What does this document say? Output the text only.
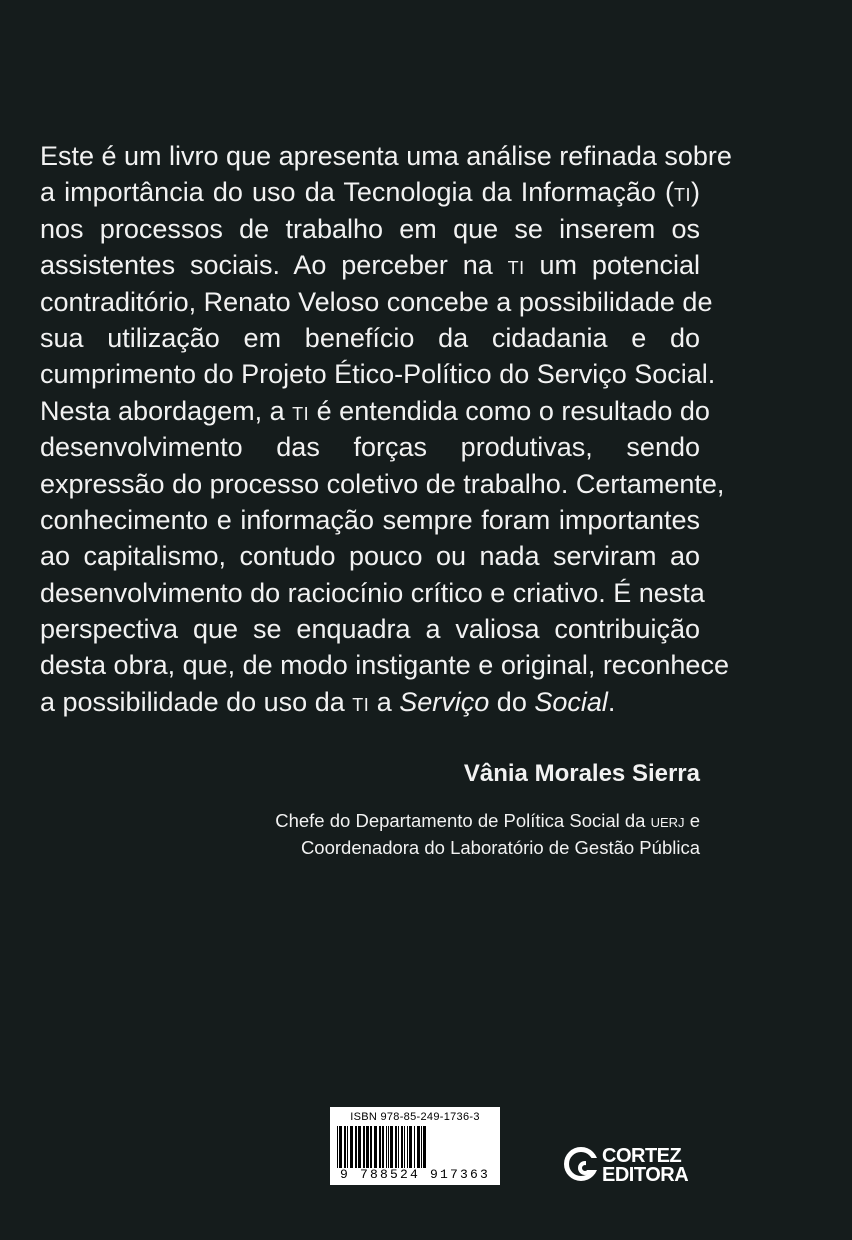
Este é um livro que apresenta uma análise refinada sobre
a importância do uso da Tecnologia da Informação (TI)
nos processos de trabalho em que se inserem os
assistentes sociais. Ao perceber na TI um potencial
contraditório, Renato Veloso concebe a possibilidade de
sua utilização em benefício da cidadania e do
cumprimento do Projeto Ético-Político do Serviço Social.
Nesta abordagem, a TI é entendida como o resultado do
desenvolvimento das forças produtivas, sendo
expressão do processo coletivo de trabalho. Certamente,
conhecimento e informação sempre foram importantes
ao capitalismo, contudo pouco ou nada serviram ao
desenvolvimento do raciocínio crítico e criativo. É nesta
perspectiva que se enquadra a valiosa contribuição
desta obra, que, de modo instigante e original, reconhece
a possibilidade do uso da TI a Serviço do Social.
Vânia Morales Sierra
Chefe do Departamento de Política Social da UERJ e
Coordenadora do Laboratório de Gestão Pública
ISBN 978-85-249-1736-3
9 788524 917363
CORTEZ
EDITORA
